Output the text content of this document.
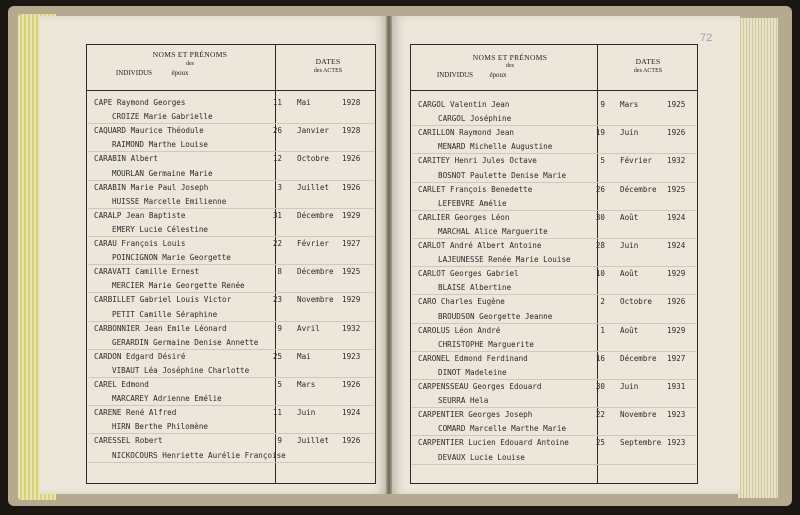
72
NOMS ET PRÉNOMS
des
INDIVIDUS	époux
DATES
des ACTES
NOMS ET PRÉNOMS
des
INDIVIDUS	époux
DATES
des ACTES
CAPE Raymond Georges
CROIZE Marie Gabrielle
11 Mai	1928
CAQUARD Maurice Théodule
RAIMOND Marthe Louise
26 Janvier 1928
CARABIN Albert
MOURLAN Germaine Marie
12 Octobre 1926
CARABIN Marie Paul Joseph
HUISSE Marcelle Emilienne
3 Juillet 1926
CARALP Jean Baptiste
EMERY Lucie Célestine
31 Décembre 1929
CARAU François Louis
POINCIGNON Marie Georgette
22 Février 1927
CARAVATI Camille Ernest
MERCIER Marie Georgette Renée
8 Décembre 1925
CARBILLET Gabriel Louis Victor
PETIT Camille Séraphine
23 Novembre 1929
CARBONNIER Jean Emile Léonard
GERARDIN Germaine Denise Annette
9 Avril	1932
CARDON Edgard Désiré
VIBAUT Léa Joséphine Charlotte
25 Mai	1923
CAREL Edmond
MARCAREY Adrienne Emélie
5 Mars	1926
CARENE René Alfred
HIRN Berthe Philomène
11 Juin	1924
CARESSEL Robert
NICKOCOURS Henriette Aurélie Françoise
9 Juillet 1926
CARGOL Valentin Jean
CARGOL Joséphine
9 Mars	1925
CARILLON Raymond Jean
MENARD Michelle Augustine
19 Juin	1926
CARITEY Henri Jules Octave
BOSNOT Paulette Denise Marie
5 Février 1932
CARLET François Benedette
LEFEBVRE Amélie
26 Décembre 1925
CARLIER Georges Léon
MARCHAL Alice Marguerite
30 Août	1924
CARLOT André Albert Antoine
LAJEUNESSE Renée Marie Louise
28 Juin	1924
CARLOT Georges Gabriel
BLAISE Albertine
10 Août	1929
CARO Charles Eugène
BROUDSON Georgette Jeanne
2 Octobre 1926
CAROLUS Léon André
CHRISTOPHE Marguerite
1 Août	1929
CARONEL Edmond Ferdinand
DINOT Madeleine
16 Décembre 1927
CARPENSSEAU Georges Edouard
SEURRA Hela
30 Juin	1931
CARPENTIER Georges Joseph
COMARD Marcelle Marthe Marie
22 Novembre 1923
CARPENTIER Lucien Edouard Antoine
DEVAUX Lucie Louise
25 Septembre 1923
